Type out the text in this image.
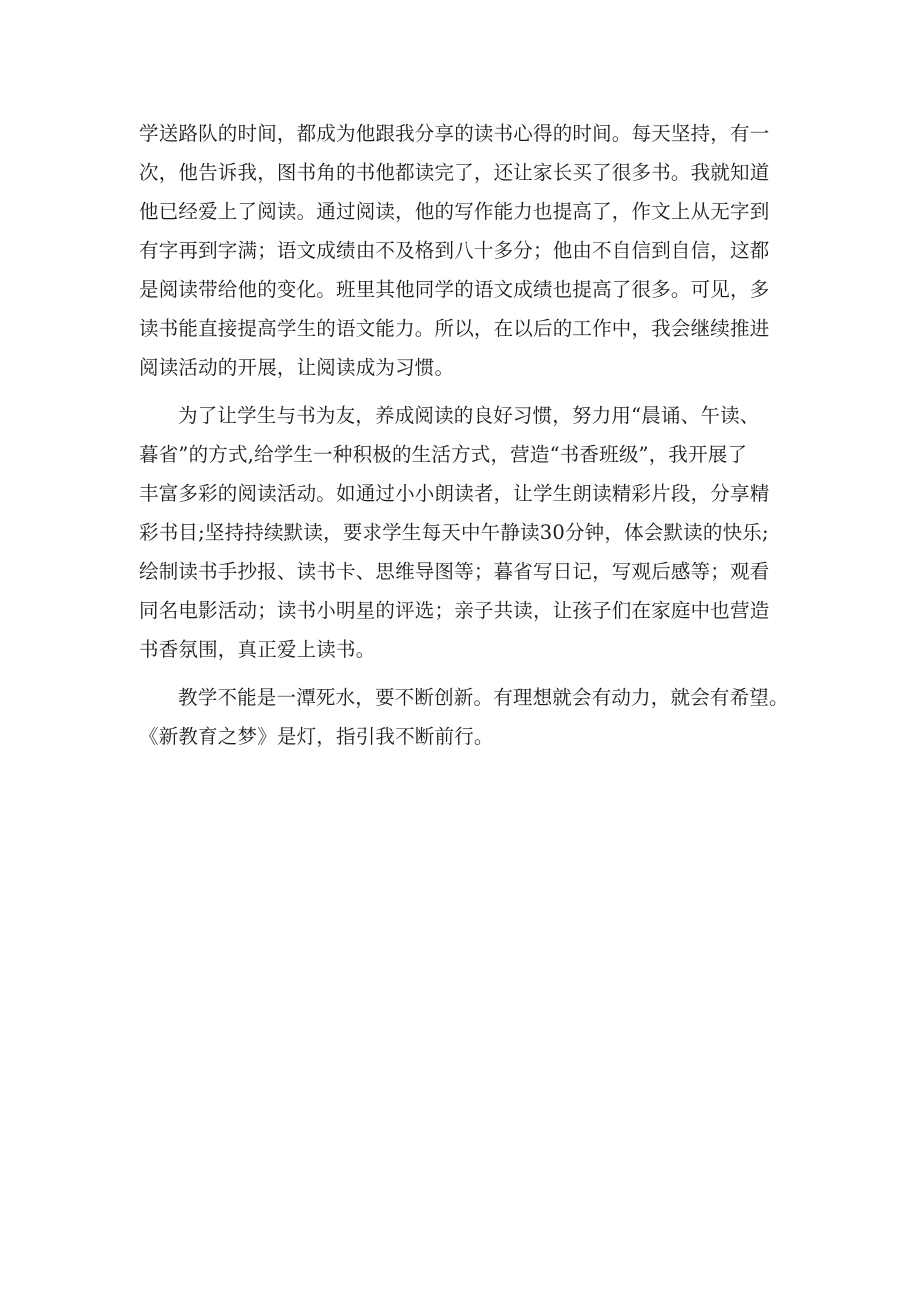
学送路队的时间，都成为他跟我分享的读书心得的时间。每天坚持，有一
次，他告诉我，图书角的书他都读完了，还让家长买了很多书。我就知道
他已经爱上了阅读。通过阅读，他的写作能力也提高了，作文上从无字到
有字再到字满；语文成绩由不及格到八十多分；他由不自信到自信，这都
是阅读带给他的变化。班里其他同学的语文成绩也提高了很多。可见，多
读书能直接提高学生的语文能力。所以，在以后的工作中，我会继续推进
阅读活动的开展，让阅读成为习惯。
为了让学生与书为友，养成阅读的良好习惯，努力用“晨诵、午读、
暮省”的方式,给学生一种积极的生活方式，营造“书香班级”，我开展了
丰富多彩的阅读活动。如通过小小朗读者，让学生朗读精彩片段，分享精
彩书目;坚持持续默读，要求学生每天中午静读30分钟，体会默读的快乐;
绘制读书手抄报、读书卡、思维导图等；暮省写日记，写观后感等；观看
同名电影活动；读书小明星的评选；亲子共读，让孩子们在家庭中也营造
书香氛围，真正爱上读书。
教学不能是一潭死水，要不断创新。有理想就会有动力，就会有希望。
《新教育之梦》是灯，指引我不断前行。
